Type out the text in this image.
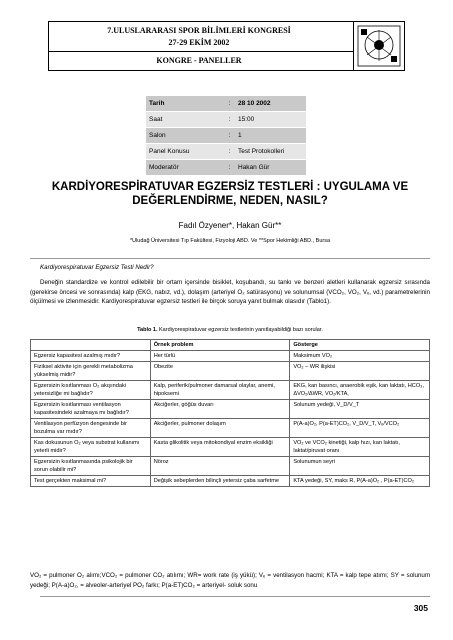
7.ULUSLARARASI SPOR BİLİMLERİ KONGRESİ
27-29 EKİM 2002
KONGRE - PANELLER
Tarih	:	28 10 2002
Saat	:	15:00
Salon	:	1
Panel Konusu	:	Test Protokolleri
Moderatör	:	Hakan Gür
KARDİYORESPİRATUVAR EGZERSİZ TESTLERİ : UYGULAMA VE
DEĞERLENDİRME, NEDEN, NASIL?
Fadıl Özyener*, Hakan Gür**
*Uludağ Üniversitesi Tıp Fakültesi, Fizyoloji ABD. Ve **Spor Hekimliği ABD., Bursa
Kardiyorespiratuvar Egzersiz Testi Nedir?
Deneğin standardize ve kontrol edilebilir bir ortam içersinde bisiklet, koşubandı, su tankı ve benzeri aletleri kullanarak egzersiz sırasında (gerekirse öncesi ve sonrasında) kalp (EKG, nabız, vd.), dolaşım (arteriyel O₂ satürasyonu) ve solunumsal (VCO₂, VO₂, Vₑ, vd.) parametrelerinin ölçülmesi ve izlenmesidir. Kardiyorespiratuvar egzersiz testleri ile birçok soruya yanıt bulmak olasıdır (Tablo1).
Tablo 1. Kardiyorespiratuvar egzersiz testlerinin yanıtlayabildiği bazı sorular.
	Örnek problem	Gösterge
Egzersiz kapasitesi azalmış mıdır?	Her türlü	Maksimum VO₂
Fiziksel aktivite için gerekli metabolizma yükselmiş midir?	Obezite	VO₂ – WR ilişkisi
Egzersizin kısıtlanması O₂ akışındaki yetersizliğe mi bağlıdır?	Kalp, periferik/pulmoner damarsal olaylar, anemi, hipoksemi	EKG, kan basıncı, anaerobik eşik, kan laktatı, HCO₃, ΔVO₂/ΔWR, VO₂/KTA,
Egzersizin kısıtlanması ventilasyon kapasitesindeki azalmaya mı bağlıdır?	Akciğerler, göğüs duvarı	Solunum yedeği, V_D/V_T
Ventilasyon perfüzyon dengesinde bir bozulma var mıdır?	Akciğerler, pulmoner dolaşım	P(A-a)O₂, P(a-ET)CO₂, V_D/V_T, Vₑ/VCO₂
Kas dokusunun O₂ veya substrat kullanımı yeterli midir?	Kasta glikolitik veya mitokondiyal enzim eksikliği	VO₂ ve VCO₂ kinetiği, kalp hızı, kan laktatı, laktat/piruvat oranı
Egzersizin kısıtlanmasında psikolojik bir sorun olabilir mi?	Nöroz	Solunumun seyri
Test gerçekten maksimal mi?	Değişik sebeplerden bilinçli yetersiz çaba sarfetme	KTA yedeği, SY, maks R, P(A-a)O₂ , P(a-ET)CO₂
VO₂ = pulmoner O₂ alımı;VCO₂ = pulmoner CO₂ atılımı; WR= work rate (iş yükü); Vₑ = ventilasyon hacmi; KTA = kalp tepe atımı; SY = solunum yedeği; P(A-a)O₂, = alveoler-arteriyel PO₂ farkı; P(a-ET)CO₂ = arteriyel- soluk sonu
305
